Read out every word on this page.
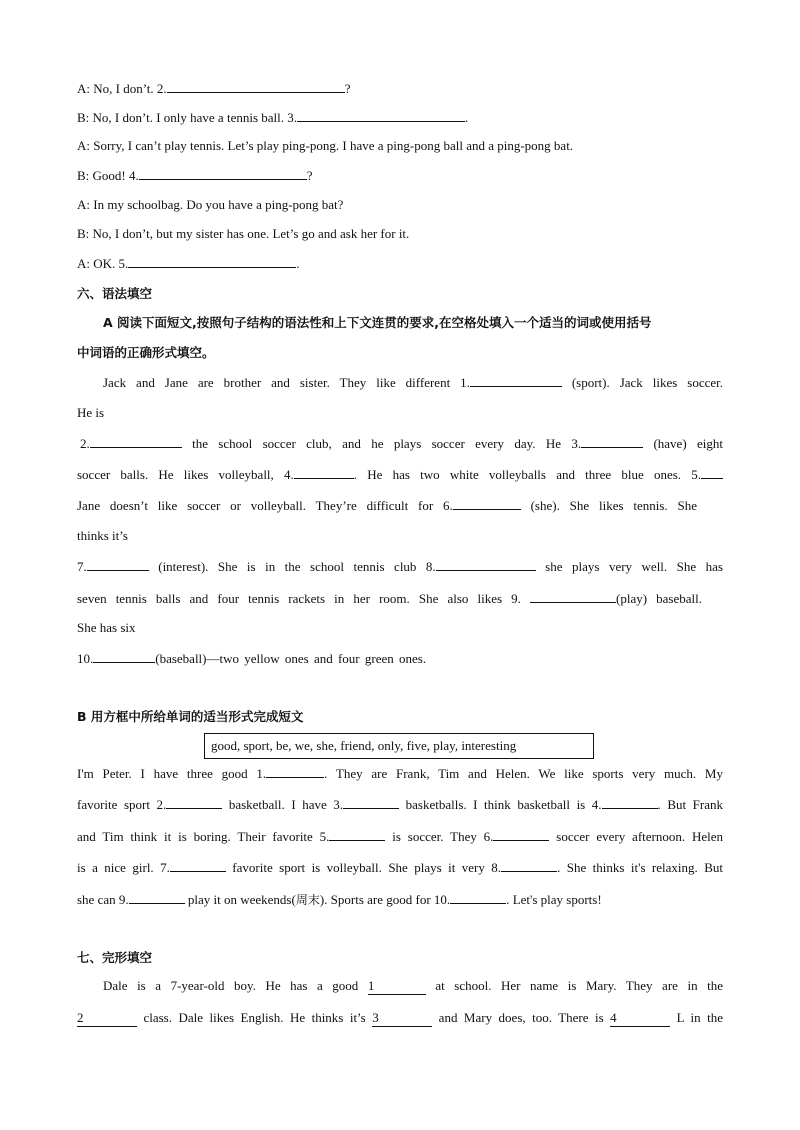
A: No, I don’t. 2.	?
B: No, I don’t. I only have a tennis ball. 3.	.
A: Sorry, I can’t play tennis. Let’s play ping-pong. I have a ping-pong ball and a ping-pong bat.
B: Good! 4.	?
A: In my schoolbag. Do you have a ping-pong bat?
B: No, I don’t, but my sister has one. Let’s go and ask her for it.
A: OK. 5.	.
六、语法填空
A 阅读下面短文,按照句子结构的语法性和上下文连贯的要求,在空格处填入一个适当的词或使用括号
中词语的正确形式填空。
Jack and Jane are brother and sister. They like different 1.	(sport). Jack likes soccer.
He is
2.	the school soccer club, and he plays soccer every day. He 3.	(have) eight
soccer balls. He likes volleyball, 4.	. He has two white volleyballs and three blue ones. 5.
Jane doesn’t like soccer or volleyball. They’re difficult for 6.	(she). She likes tennis. She
thinks it’s
7.	(interest). She is in the school tennis club 8.	she plays very well. She has
seven tennis balls and four tennis rackets in her room. She also likes 9.	(play) baseball.
She has six
10.	(baseball)—two yellow ones and four green ones.
B 用方框中所给单词的适当形式完成短文
good, sport, be, we, she, friend, only, five, play, interesting
I'm Peter. I have three good 1.	. They are Frank, Tim and Helen. We like sports very much. My
favorite sport 2.	basketball. I have 3.	basketballs. I think basketball is 4.	. But Frank
and Tim think it is boring. Their favorite 5.	is soccer. They 6.	soccer every afternoon. Helen
is a nice girl. 7.	favorite sport is volleyball. She plays it very 8.	. She thinks it's relaxing. But
she can 9.	play it on weekends(周末). Sports are good for 10.	. Let's play sports!
七、完形填空
Dale is a 7-year-old boy. He has a good 1	at school. Her name is Mary. They are in the
2	class. Dale likes English. He thinks it’s 3	and Mary does, too. There is 4	L in the
